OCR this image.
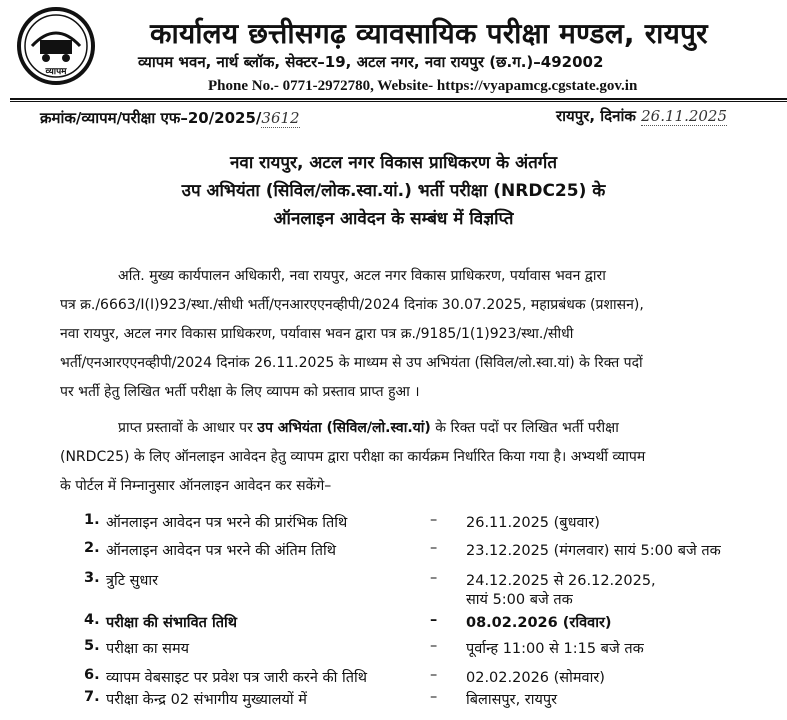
व्यापम
कार्यालय छत्तीसगढ़ व्यावसायिक परीक्षा मण्डल, रायपुर
व्यापम भवन, नार्थ ब्लॉक, सेक्टर–19, अटल नगर, नवा रायपुर (छ.ग.)–492002
Phone No.- 0771-2972780, Website- https://vyapamcg.cgstate.gov.in
क्रमांक/व्यापम/परीक्षा एफ–20/2025/3612	रायपुर, दिनांक 26.11.2025
नवा रायपुर, अटल नगर विकास प्राधिकरण के अंतर्गत
उप अभियंता (सिविल/लोक.स्वा.यां.) भर्ती परीक्षा (NRDC25) के
ऑनलाइन आवेदन के सम्बंध में विज्ञप्ति
अति. मुख्य कार्यपालन अधिकारी, नवा रायपुर, अटल नगर विकास प्राधिकरण, पर्यावास भवन द्वारा
पत्र क्र./6663/I(I)923/स्था./सीधी भर्ती/एनआरएएनव्हीपी/2024 दिनांक 30.07.2025, महाप्रबंधक (प्रशासन),
नवा रायपुर, अटल नगर विकास प्राधिकरण, पर्यावास भवन द्वारा पत्र क्र./9185/1(1)923/स्था./सीधी
भर्ती/एनआरएएनव्हीपी/2024 दिनांक 26.11.2025 के माध्यम से उप अभियंता (सिविल/लो.स्वा.यां) के रिक्त पदों
पर भर्ती हेतु लिखित भर्ती परीक्षा के लिए व्यापम को प्रस्ताव प्राप्त हुआ ।
प्राप्त प्रस्तावों के आधार पर उप अभियंता (सिविल/लो.स्वा.यां) के रिक्त पदों पर लिखित भर्ती परीक्षा
(NRDC25) के लिए ऑनलाइन आवेदन हेतु व्यापम द्वारा परीक्षा का कार्यक्रम निर्धारित किया गया है। अभ्यर्थी व्यापम
के पोर्टल में निम्नानुसार ऑनलाइन आवेदन कर सकेंगे–
1. ऑनलाइन आवेदन पत्र भरने की प्रारंभिक तिथि	– 26.11.2025 (बुधवार)
2. ऑनलाइन आवेदन पत्र भरने की अंतिम तिथि	– 23.12.2025 (मंगलवार) सायं 5:00 बजे तक
3. त्रुटि सुधार	– 24.12.2025 से 26.12.2025,
सायं 5:00 बजे तक
4. परीक्षा की संभावित तिथि	– 08.02.2026 (रविवार)
5. परीक्षा का समय	– पूर्वान्ह 11:00 से 1:15 बजे तक
6. व्यापम वेबसाइट पर प्रवेश पत्र जारी करने की तिथि	– 02.02.2026 (सोमवार)
7. परीक्षा केन्द्र 02 संभागीय मुख्यालयों में	– बिलासपुर, रायपुर
